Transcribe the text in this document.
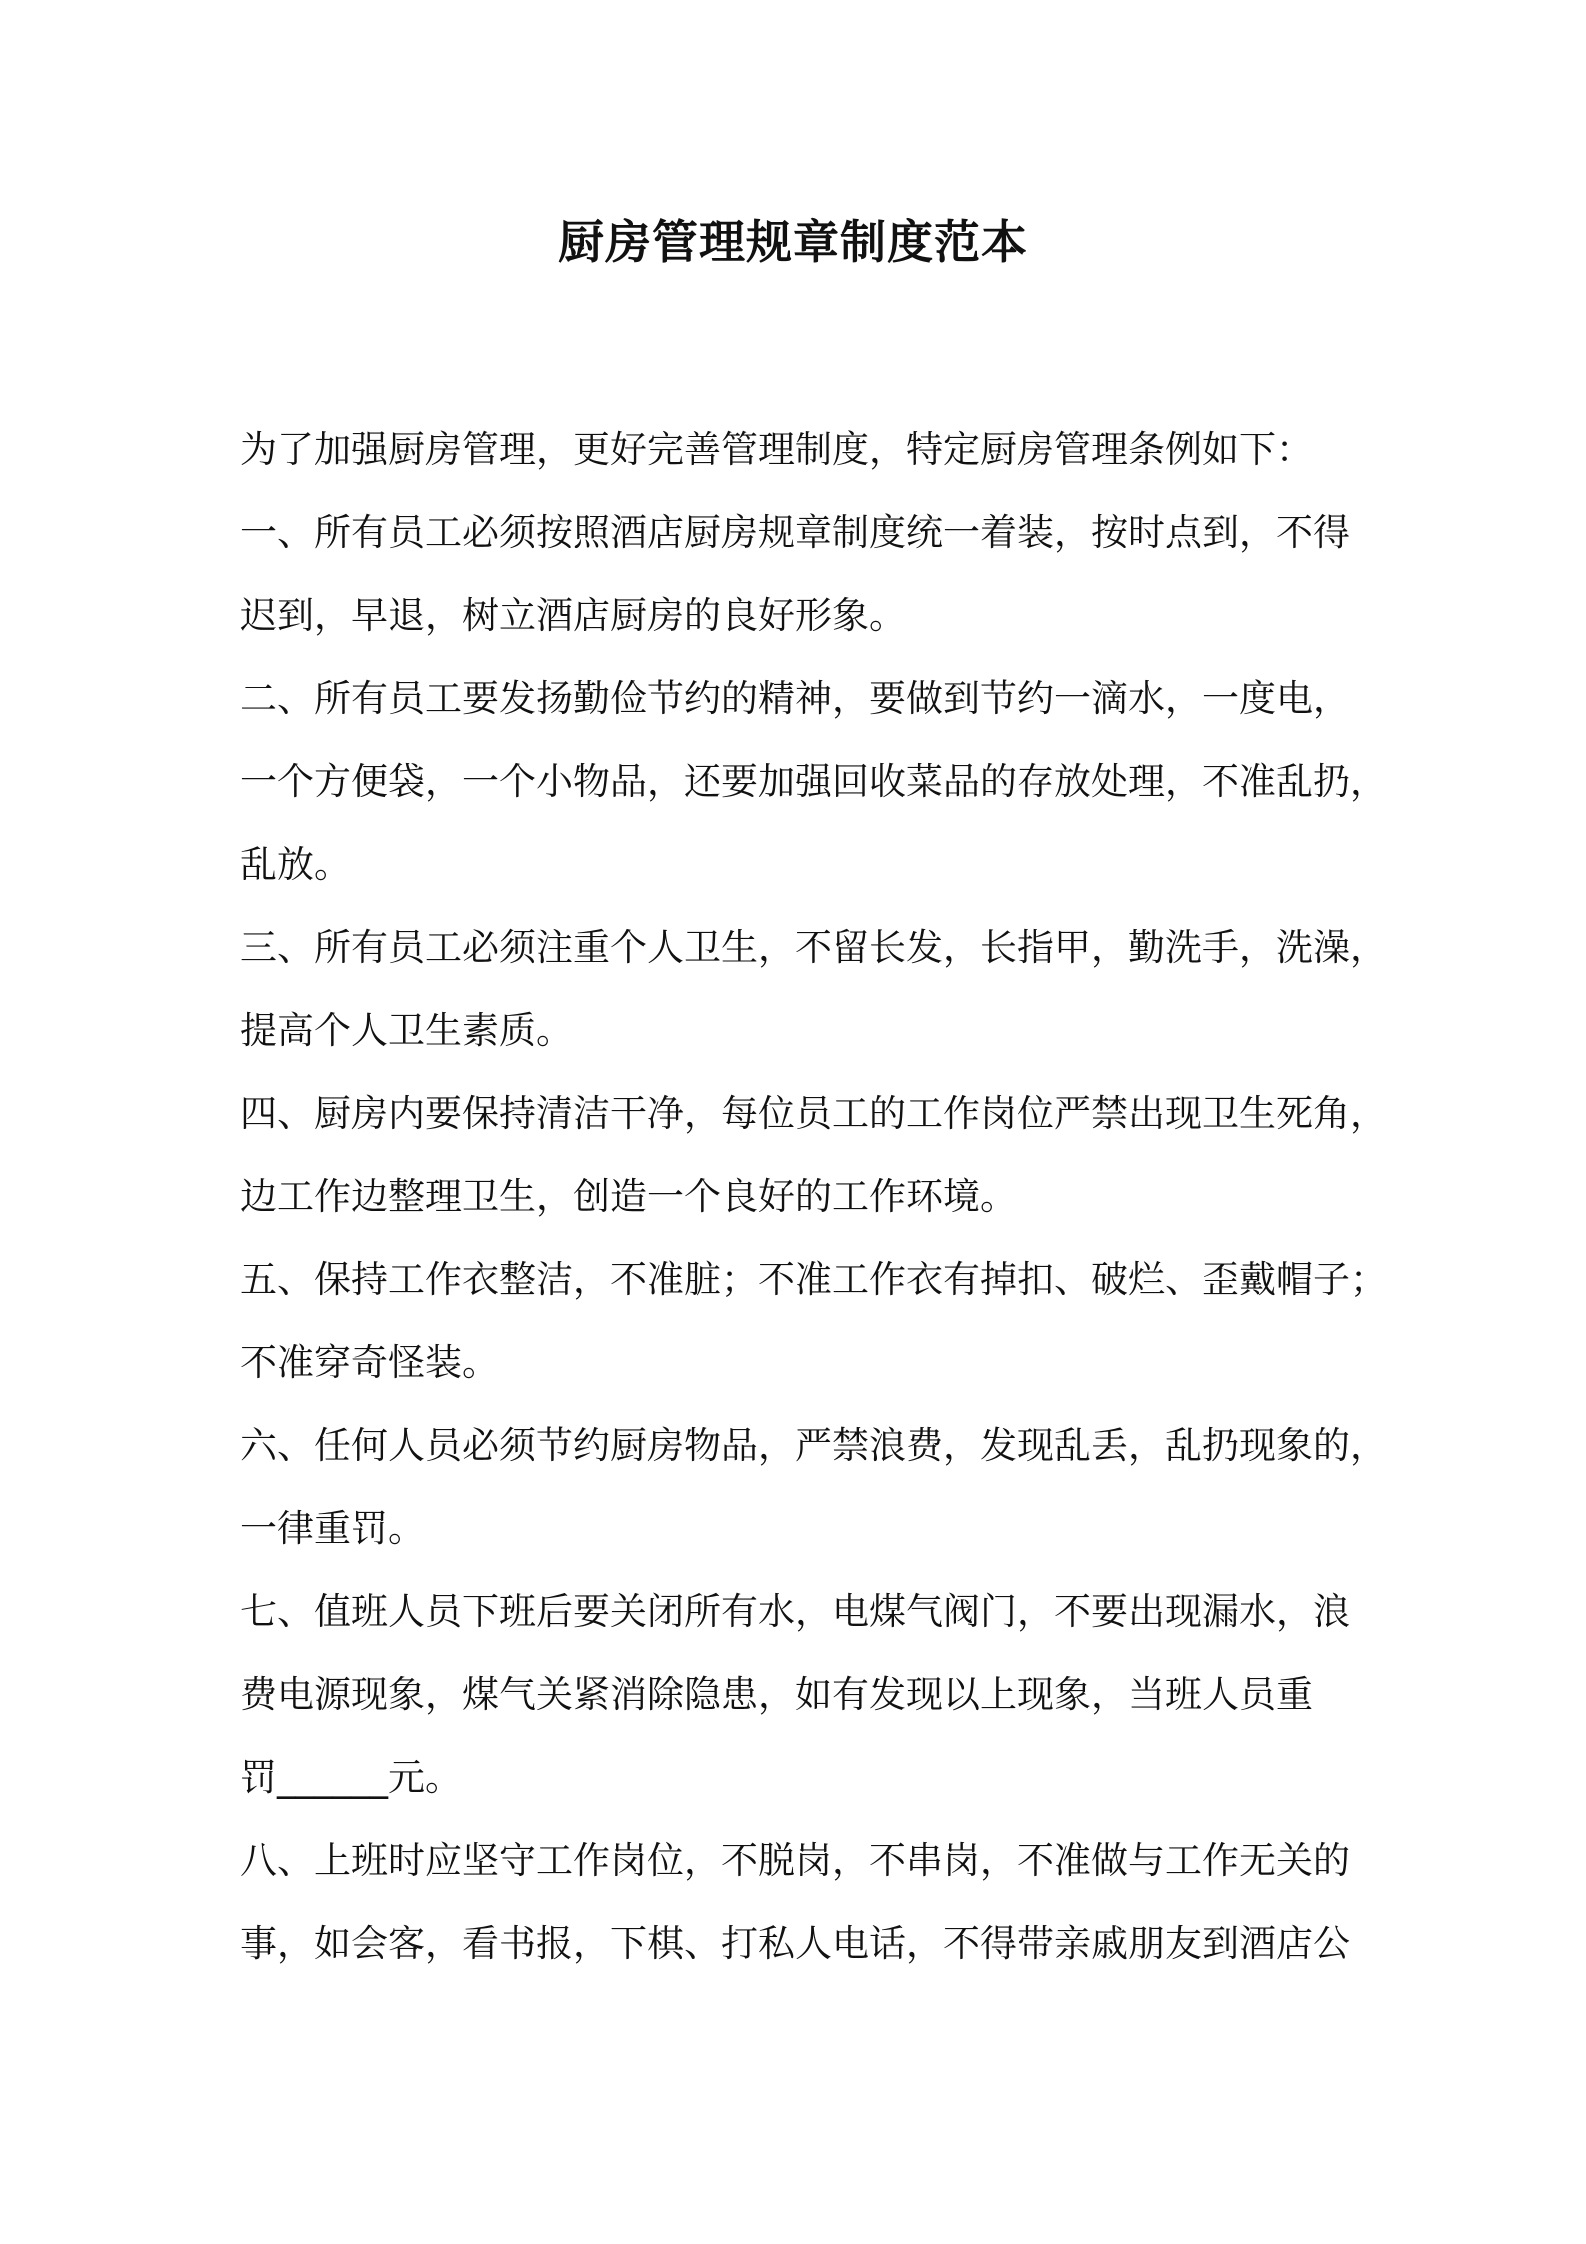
厨房管理规章制度范本

为了加强厨房管理，更好完善管理制度，特定厨房管理条例如下：

一、所有员工必须按照酒店厨房规章制度统一着装，按时点到，不得

迟到，早退，树立酒店厨房的良好形象。

二、所有员工要发扬勤俭节约的精神，要做到节约一滴水，一度电，

一个方便袋，一个小物品，还要加强回收菜品的存放处理，不准乱扔，

乱放。

三、所有员工必须注重个人卫生，不留长发，长指甲，勤洗手，洗澡，

提高个人卫生素质。

四、厨房内要保持清洁干净，每位员工的工作岗位严禁出现卫生死角，

边工作边整理卫生，创造一个良好的工作环境。

五、保持工作衣整洁，不准脏；不准工作衣有掉扣、破烂、歪戴帽子；

不准穿奇怪装。

六、任何人员必须节约厨房物品，严禁浪费，发现乱丢，乱扔现象的，

一律重罚。

七、值班人员下班后要关闭所有水，电煤气阀门，不要出现漏水，浪

费电源现象，煤气关紧消除隐患，如有发现以上现象，当班人员重

罚______元。

八、上班时应坚守工作岗位，不脱岗，不串岗，不准做与工作无关的

事，如会客，看书报，下棋、打私人电话，不得带亲戚朋友到酒店公
